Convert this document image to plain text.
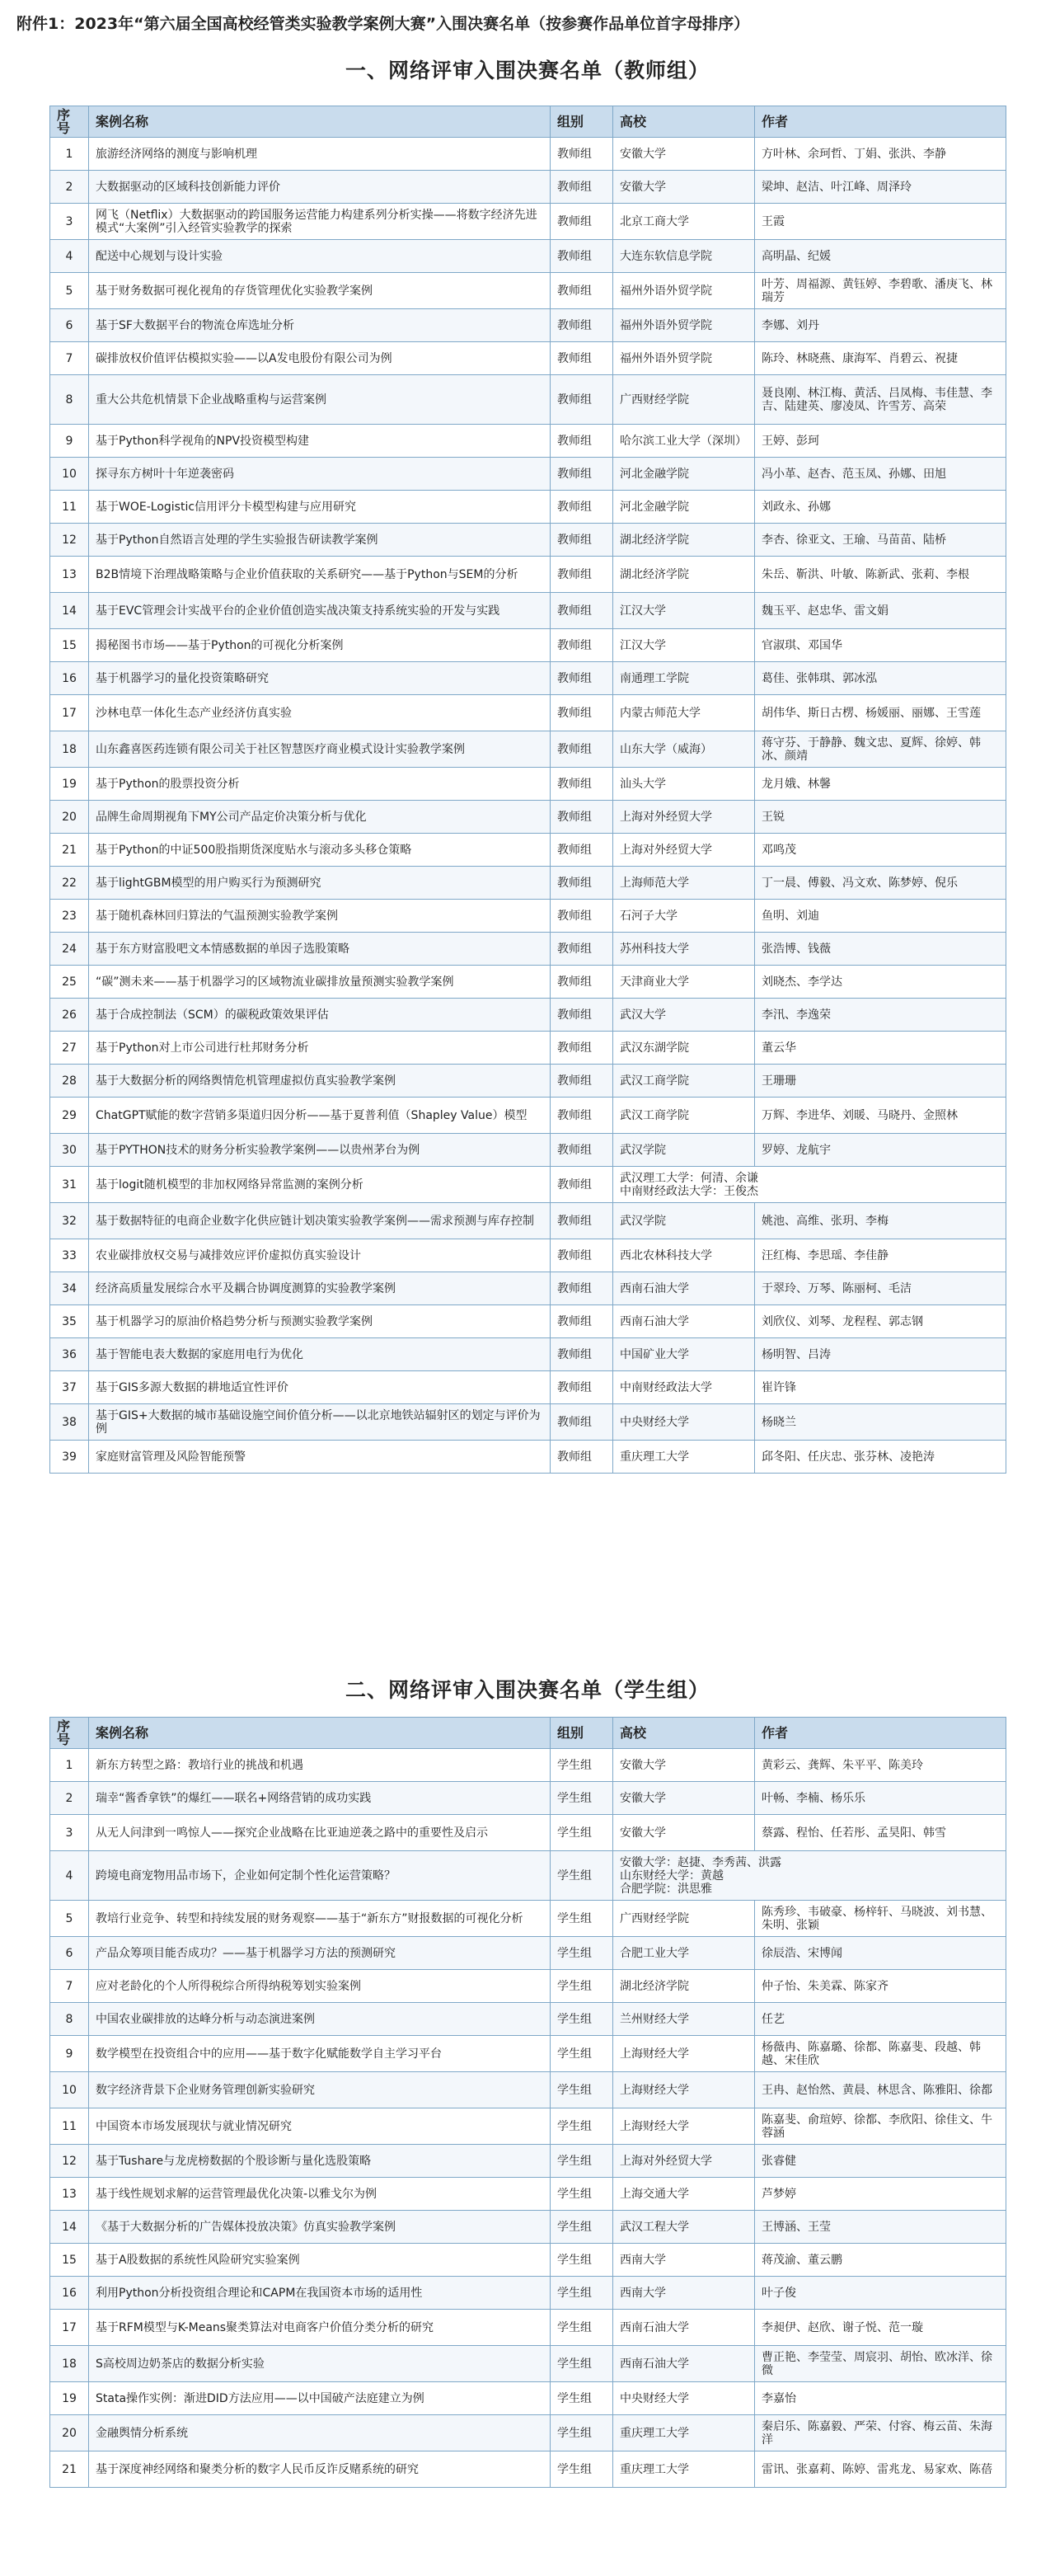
附件1：2023年“第六届全国高校经管类实验教学案例大赛”入围决赛名单（按参赛作品单位首字母排序）
一、网络评审入围决赛名单（教师组）
序号	案例名称	组别	高校	作者
1	旅游经济网络的测度与影响机理	教师组	安徽大学	方叶林、余珂哲、丁娟、张洪、李静
2	大数据驱动的区域科技创新能力评价	教师组	安徽大学	梁坤、赵洁、叶江峰、周泽玲
3	网飞（Netflix）大数据驱动的跨国服务运营能力构建系列分析实操——将数字经济先进模式“大案例”引入经管实验教学的探索	教师组	北京工商大学	王霞
4	配送中心规划与设计实验	教师组	大连东软信息学院	高明晶、纪媛
5	基于财务数据可视化视角的存货管理优化实验教学案例	教师组	福州外语外贸学院	叶芳、周福源、黄钰婷、李碧歌、潘庚飞、林瑞芳
6	基于SF大数据平台的物流仓库选址分析	教师组	福州外语外贸学院	李娜、刘丹
7	碳排放权价值评估模拟实验——以A发电股份有限公司为例	教师组	福州外语外贸学院	陈玲、林晓燕、康海军、肖碧云、祝捷
8	重大公共危机情景下企业战略重构与运营案例	教师组	广西财经学院	聂良刚、林江梅、黄活、吕凤梅、韦佳慧、李吉、陆建英、廖凌凤、许雪芳、高荣
9	基于Python科学视角的NPV投资模型构建	教师组	哈尔滨工业大学（深圳）	王婷、彭珂
10	探寻东方树叶十年逆袭密码	教师组	河北金融学院	冯小革、赵杏、范玉凤、孙娜、田旭
11	基于WOE-Logistic信用评分卡模型构建与应用研究	教师组	河北金融学院	刘政永、孙娜
12	基于Python自然语言处理的学生实验报告研读教学案例	教师组	湖北经济学院	李杏、徐亚文、王瑜、马苗苗、陆桥
13	B2B情境下治理战略策略与企业价值获取的关系研究——基于Python与SEM的分析	教师组	湖北经济学院	朱岳、靳洪、叶敏、陈新武、张莉、李根
14	基于EVC管理会计实战平台的企业价值创造实战决策支持系统实验的开发与实践	教师组	江汉大学	魏玉平、赵忠华、雷文娟
15	揭秘图书市场——基于Python的可视化分析案例	教师组	江汉大学	官淑琪、邓国华
16	基于机器学习的量化投资策略研究	教师组	南通理工学院	葛佳、张韩琪、郭冰泓
17	沙林电草一体化生态产业经济仿真实验	教师组	内蒙古师范大学	胡伟华、斯日古楞、杨媛丽、丽娜、王雪莲
18	山东鑫喜医药连锁有限公司关于社区智慧医疗商业模式设计实验教学案例	教师组	山东大学（威海）	蒋守芬、于静静、魏文忠、夏辉、徐婷、韩冰、颜靖
19	基于Python的股票投资分析	教师组	汕头大学	龙月娥、林馨
20	品牌生命周期视角下MY公司产品定价决策分析与优化	教师组	上海对外经贸大学	王锐
21	基于Python的中证500股指期货深度贴水与滚动多头移仓策略	教师组	上海对外经贸大学	邓鸣茂
22	基于lightGBM模型的用户购买行为预测研究	教师组	上海师范大学	丁一晨、傅毅、冯文欢、陈梦婷、倪乐
23	基于随机森林回归算法的气温预测实验教学案例	教师组	石河子大学	鱼明、刘迪
24	基于东方财富股吧文本情感数据的单因子选股策略	教师组	苏州科技大学	张浩博、钱薇
25	“碳”测未来——基于机器学习的区域物流业碳排放量预测实验教学案例	教师组	天津商业大学	刘晓杰、李学达
26	基于合成控制法（SCM）的碳税政策效果评估	教师组	武汉大学	李汛、李逸荣
27	基于Python对上市公司进行杜邦财务分析	教师组	武汉东湖学院	董云华
28	基于大数据分析的网络舆情危机管理虚拟仿真实验教学案例	教师组	武汉工商学院	王珊珊
29	ChatGPT赋能的数字营销多渠道归因分析——基于夏普利值（Shapley Value）模型	教师组	武汉工商学院	万辉、李进华、刘暖、马晓丹、金照林
30	基于PYTHON技术的财务分析实验教学案例——以贵州茅台为例	教师组	武汉学院	罗婷、龙航宇
31	基于logit随机模型的非加权网络异常监测的案例分析	教师组	武汉理工大学：何清、余谦
中南财经政法大学：王俊杰	
32	基于数据特征的电商企业数字化供应链计划决策实验教学案例——需求预测与库存控制	教师组	武汉学院	姚池、高维、张玥、李梅
33	农业碳排放权交易与减排效应评价虚拟仿真实验设计	教师组	西北农林科技大学	汪红梅、李思瑶、李佳静
34	经济高质量发展综合水平及耦合协调度测算的实验教学案例	教师组	西南石油大学	于翠玲、万琴、陈丽柯、毛洁
35	基于机器学习的原油价格趋势分析与预测实验教学案例	教师组	西南石油大学	刘欣仪、刘琴、龙程程、郭志钢
36	基于智能电表大数据的家庭用电行为优化	教师组	中国矿业大学	杨明智、吕涛
37	基于GIS多源大数据的耕地适宜性评价	教师组	中南财经政法大学	崔许锋
38	基于GIS+大数据的城市基础设施空间价值分析——以北京地铁站辐射区的划定与评价为例	教师组	中央财经大学	杨晓兰
39	家庭财富管理及风险智能预警	教师组	重庆理工大学	邱冬阳、任庆忠、张芬林、凌艳涛
二、网络评审入围决赛名单（学生组）
序号	案例名称	组别	高校	作者
1	新东方转型之路：教培行业的挑战和机遇	学生组	安徽大学	黄彩云、龚辉、朱平平、陈美玲
2	瑞幸“酱香拿铁”的爆红——联名+网络营销的成功实践	学生组	安徽大学	叶畅、李楠、杨乐乐
3	从无人问津到一鸣惊人——探究企业战略在比亚迪逆袭之路中的重要性及启示	学生组	安徽大学	蔡露、程怡、任若彤、孟昊阳、韩雪
4	跨境电商宠物用品市场下，企业如何定制个性化运营策略？	学生组	安徽大学：赵捷、李秀茜、洪露
山东财经大学：黄越
合肥学院：洪思雅	
5	教培行业竞争、转型和持续发展的财务观察——基于“新东方”财报数据的可视化分析	学生组	广西财经学院	陈秀珍、韦破豪、杨梓轩、马晓波、刘书慧、朱明、张颖
6	产品众筹项目能否成功？——基于机器学习方法的预测研究	学生组	合肥工业大学	徐辰浩、宋博闻
7	应对老龄化的个人所得税综合所得纳税筹划实验案例	学生组	湖北经济学院	仲子怡、朱美霖、陈家齐
8	中国农业碳排放的达峰分析与动态演进案例	学生组	兰州财经大学	任艺
9	数学模型在投资组合中的应用——基于数字化赋能数学自主学习平台	学生组	上海财经大学	杨薇冉、陈嘉璐、徐都、陈嘉斐、段越、韩越、宋佳欣
10	数字经济背景下企业财务管理创新实验研究	学生组	上海财经大学	王冉、赵怡然、黄晨、林思含、陈雅阳、徐都
11	中国资本市场发展现状与就业情况研究	学生组	上海财经大学	陈嘉斐、俞瑄婷、徐都、李欣阳、徐佳文、牛蓉涵
12	基于Tushare与龙虎榜数据的个股诊断与量化选股策略	学生组	上海对外经贸大学	张睿健
13	基于线性规划求解的运营管理最优化决策-以雅戈尔为例	学生组	上海交通大学	芦梦婷
14	《基于大数据分析的广告媒体投放决策》仿真实验教学案例	学生组	武汉工程大学	王博涵、王莹
15	基于A股数据的系统性风险研究实验案例	学生组	西南大学	蒋茂渝、董云鹏
16	利用Python分析投资组合理论和CAPM在我国资本市场的适用性	学生组	西南大学	叶子俊
17	基于RFM模型与K-Means聚类算法对电商客户价值分类分析的研究	学生组	西南石油大学	李昶伊、赵欣、谢子悦、范一璇
18	S高校周边奶茶店的数据分析实验	学生组	西南石油大学	曹正艳、李莹莹、周宸羽、胡怡、欧冰洋、徐微
19	Stata操作实例：渐进DID方法应用——以中国破产法庭建立为例	学生组	中央财经大学	李嘉怡
20	金融舆情分析系统	学生组	重庆理工大学	秦启乐、陈嘉毅、严荣、付容、梅云苗、朱海洋
21	基于深度神经网络和聚类分析的数字人民币反诈反赌系统的研究	学生组	重庆理工大学	雷讯、张嘉莉、陈婷、雷兆龙、易家欢、陈蓓
